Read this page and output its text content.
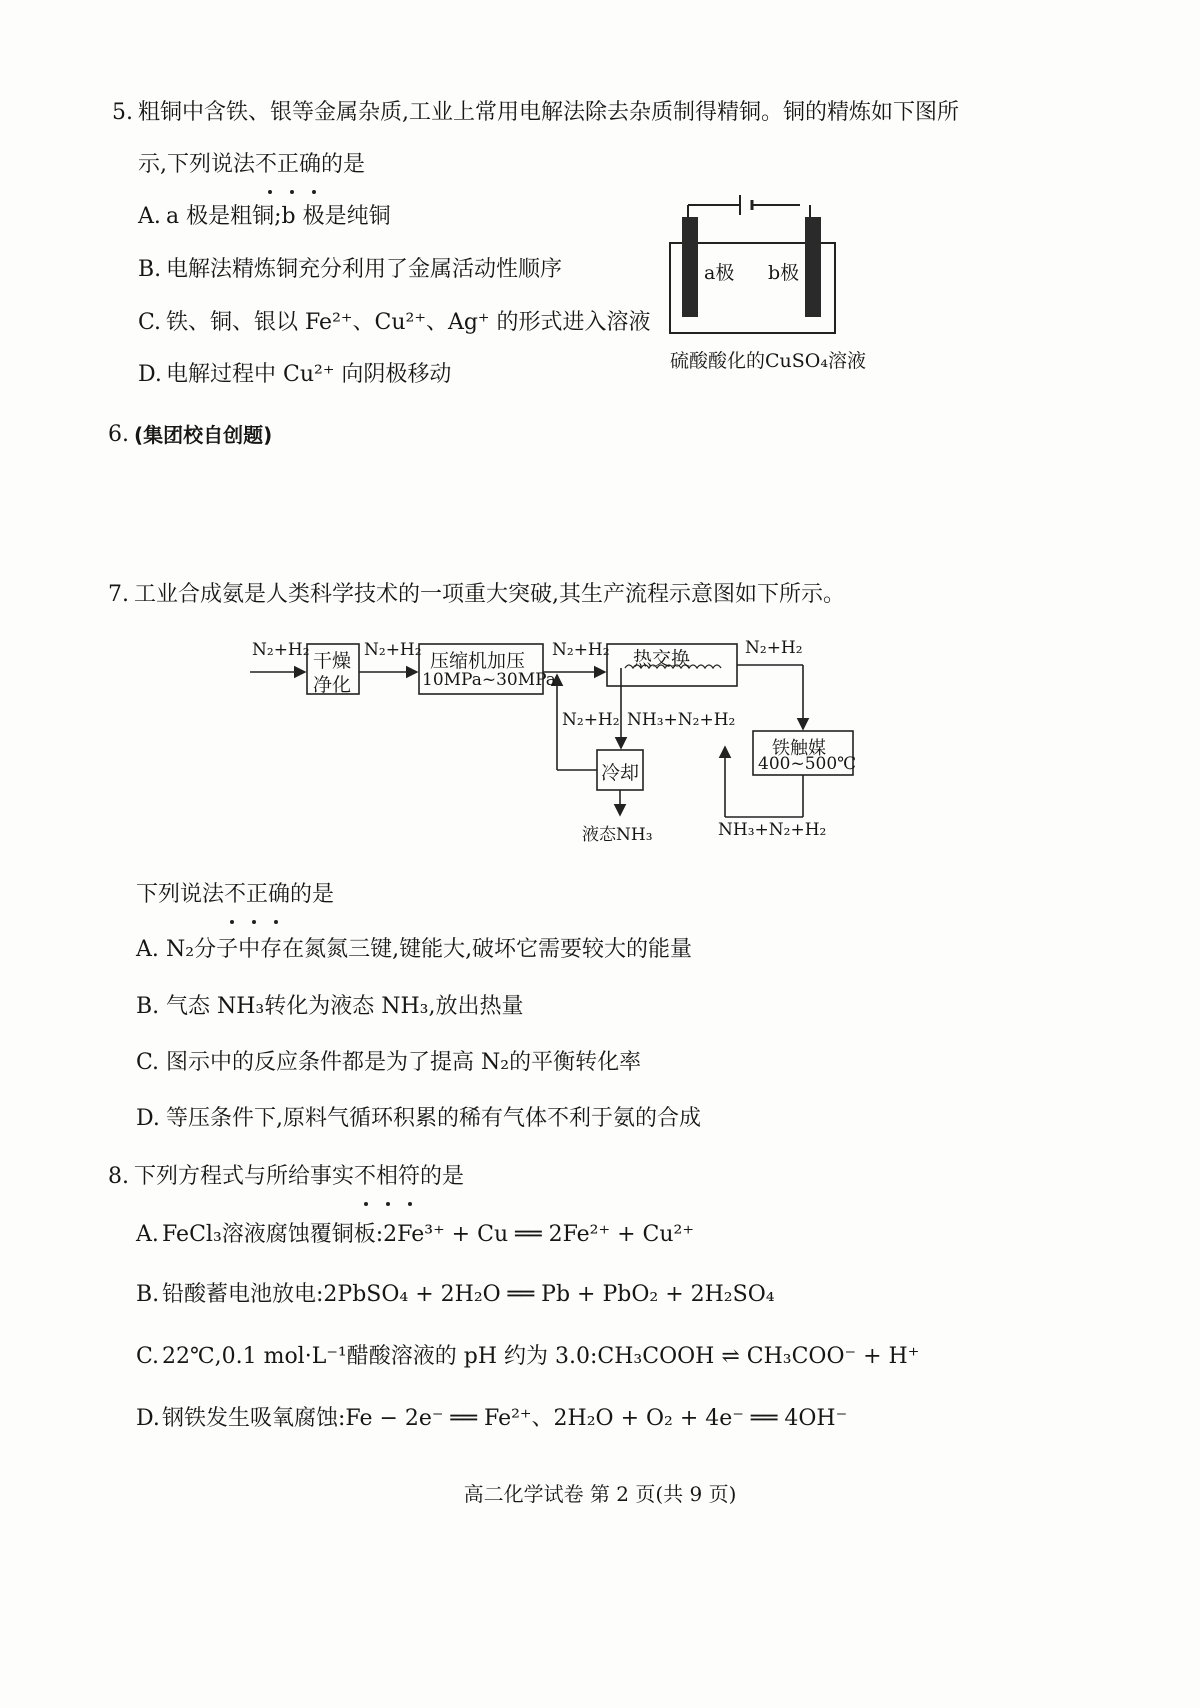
5. 粗铜中含铁、银等金属杂质,工业上常用电解法除去杂质制得精铜。铜的精炼如下图所
示,下列说法不正确的是
A. a 极是粗铜;b 极是纯铜
B. 电解法精炼铜充分利用了金属活动性顺序
C. 铁、铜、银以 Fe²⁺、Cu²⁺、Ag⁺ 的形式进入溶液
D. 电解过程中 Cu²⁺ 向阴极移动
a极 b极
硫酸酸化的CuSO₄溶液
6. (集团校自创题)
7. 工业合成氨是人类科学技术的一项重大突破,其生产流程示意图如下所示。
N₂+H₂ 干燥
净化
N₂+H₂ 压缩机加压
10MPa~30MPa
N₂+H₂ 热交换	N₂+H₂
铁触媒
400~500℃
N₂+H₂ NH₃+N₂+H₂
冷却
液态NH₃	NH₃+N₂+H₂
下列说法不正确的是
A. N₂分子中存在氮氮三键,键能大,破坏它需要较大的能量
B. 气态 NH₃转化为液态 NH₃,放出热量
C. 图示中的反应条件都是为了提高 N₂的平衡转化率
D. 等压条件下,原料气循环积累的稀有气体不利于氨的合成
8. 下列方程式与所给事实不相符的是
A. FeCl₃溶液腐蚀覆铜板:2Fe³⁺ + Cu ══ 2Fe²⁺ + Cu²⁺
B. 铅酸蓄电池放电:2PbSO₄ + 2H₂O ══ Pb + PbO₂ + 2H₂SO₄
C. 22℃,0.1 mol·L⁻¹醋酸溶液的 pH 约为 3.0:CH₃COOH ⇌ CH₃COO⁻ + H⁺
D. 钢铁发生吸氧腐蚀:Fe − 2e⁻ ══ Fe²⁺、2H₂O + O₂ + 4e⁻ ══ 4OH⁻
高二化学试卷 第 2 页(共 9 页)
